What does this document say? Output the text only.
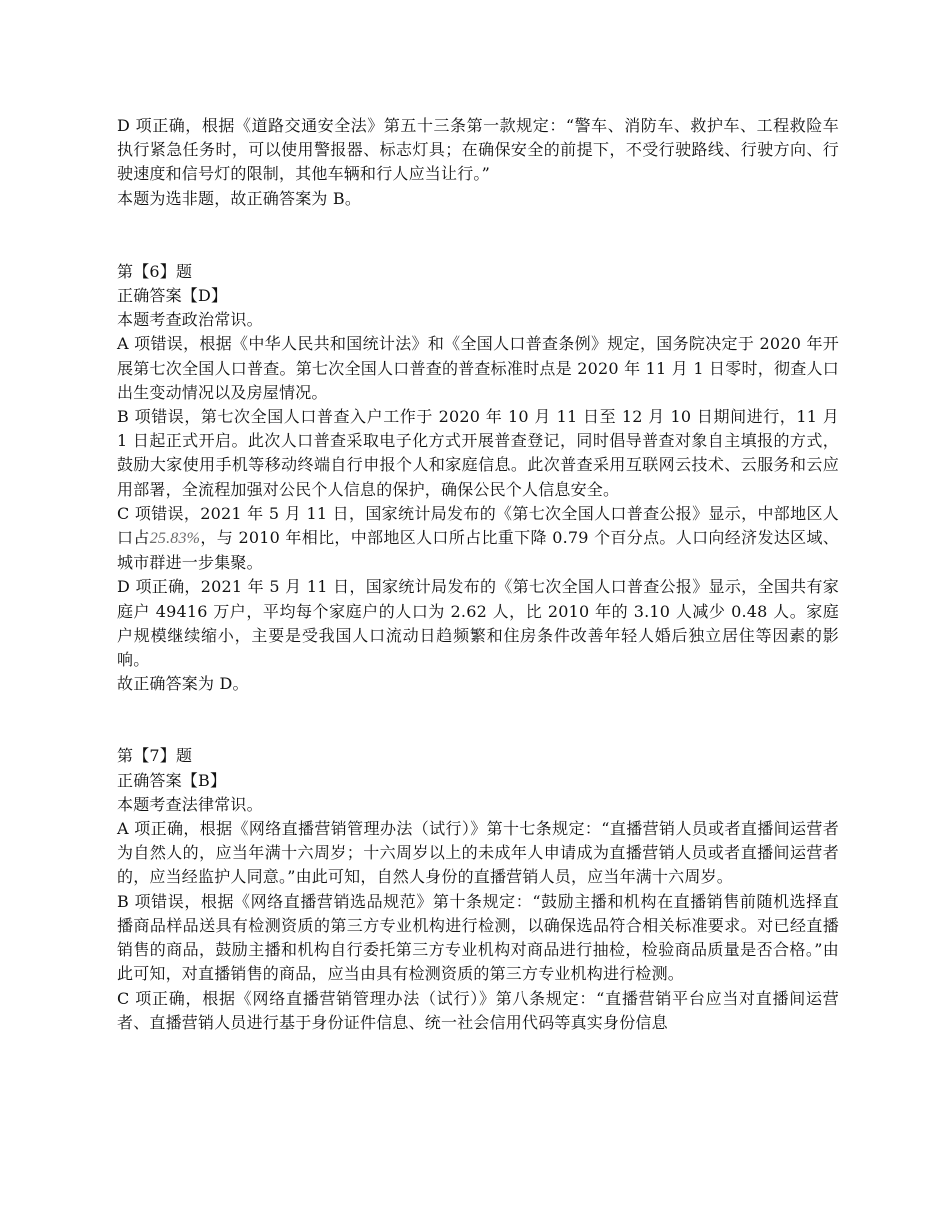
D 项正确，根据《道路交通安全法》第五十三条第一款规定：“警车、消防车、救护车、工程救险车执行紧急任务时，可以使用警报器、标志灯具；在确保安全的前提下，不受行驶路线、行驶方向、行驶速度和信号灯的限制，其他车辆和行人应当让行。”

本题为选非题，故正确答案为 B。

第【6】题

正确答案【D】

本题考查政治常识。

A 项错误，根据《中华人民共和国统计法》和《全国人口普查条例》规定，国务院决定于 2020 年开展第七次全国人口普查。第七次全国人口普查的普查标准时点是 2020 年 11 月 1 日零时，彻查人口出生变动情况以及房屋情况。

B 项错误，第七次全国人口普查入户工作于 2020 年 10 月 11 日至 12 月 10 日期间进行，11 月 1 日起正式开启。此次人口普查采取电子化方式开展普查登记，同时倡导普查对象自主填报的方式，鼓励大家使用手机等移动终端自行申报个人和家庭信息。此次普查采用互联网云技术、云服务和云应用部署，全流程加强对公民个人信息的保护，确保公民个人信息安全。

C 项错误，2021 年 5 月 11 日，国家统计局发布的《第七次全国人口普查公报》显示，中部地区人口占25.83%，与 2010 年相比，中部地区人口所占比重下降 0.79 个百分点。人口向经济发达区域、城市群进一步集聚。

D 项正确，2021 年 5 月 11 日，国家统计局发布的《第七次全国人口普查公报》显示，全国共有家庭户 49416 万户，平均每个家庭户的人口为 2.62 人，比 2010 年的 3.10 人减少 0.48 人。家庭户规模继续缩小，主要是受我国人口流动日趋频繁和住房条件改善年轻人婚后独立居住等因素的影响。

故正确答案为 D。

第【7】题

正确答案【B】

本题考查法律常识。

A 项正确，根据《网络直播营销管理办法（试行）》第十七条规定：“直播营销人员或者直播间运营者为自然人的，应当年满十六周岁；十六周岁以上的未成年人申请成为直播营销人员或者直播间运营者的，应当经监护人同意。”由此可知，自然人身份的直播营销人员，应当年满十六周岁。

B 项错误，根据《网络直播营销选品规范》第十条规定：“鼓励主播和机构在直播销售前随机选择直播商品样品送具有检测资质的第三方专业机构进行检测，以确保选品符合相关标准要求。对已经直播销售的商品，鼓励主播和机构自行委托第三方专业机构对商品进行抽检，检验商品质量是否合格。”由此可知，对直播销售的商品，应当由具有检测资质的第三方专业机构进行检测。

C 项正确，根据《网络直播营销管理办法（试行）》第八条规定：“直播营销平台应当对直播间运营者、直播营销人员进行基于身份证件信息、统一社会信用代码等真实身份信息
